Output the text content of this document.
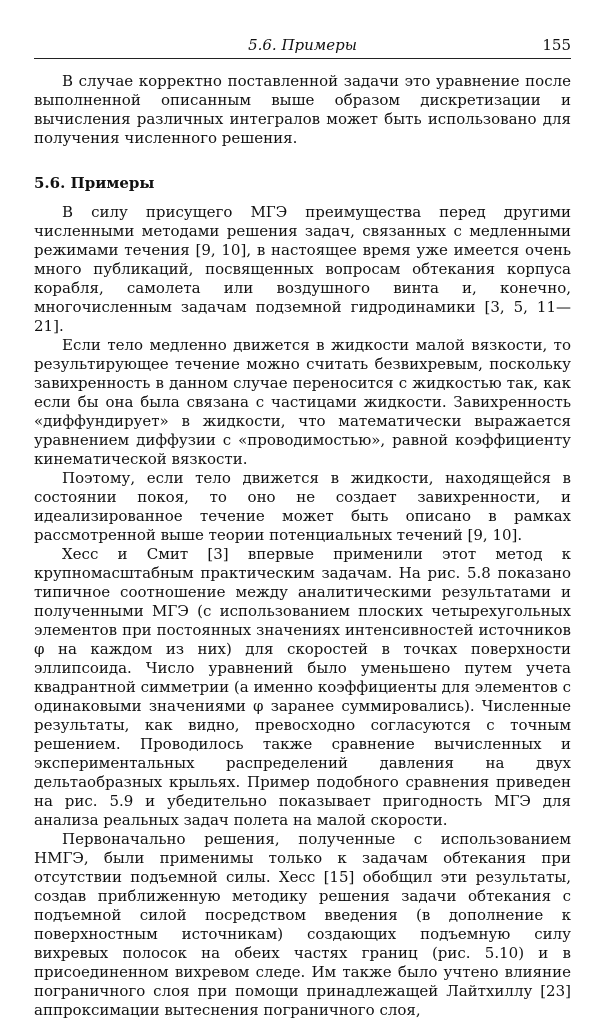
5.6. Примеры	155

В случае корректно поставленной задачи это уравнение после выполненной описанным выше образом дискретизации и вычисления различных интегралов может быть использовано для получения численного решения.

5.6. Примеры

В силу присущего МГЭ преимущества перед другими численными методами решения задач, связанных с медленными режимами течения [9, 10], в настоящее время уже имеется очень много публикаций, посвященных вопросам обтекания корпуса корабля, самолета или воздушного винта и, конечно, многочисленным задачам подземной гидродинамики [3, 5, 11—21].

Если тело медленно движется в жидкости малой вязкости, то результирующее течение можно считать безвихревым, поскольку завихренность в данном случае переносится с жидкостью так, как если бы она была связана с частицами жидкости. Завихренность «диффундирует» в жидкости, что математически выражается уравнением диффузии с «проводимостью», равной коэффициенту кинематической вязкости.

Поэтому, если тело движется в жидкости, находящейся в состоянии покоя, то оно не создает завихренности, и идеализированное течение может быть описано в рамках рассмотренной выше теории потенциальных течений [9, 10].

Хесс и Смит [3] впервые применили этот метод к крупномасштабным практическим задачам. На рис. 5.8 показано типичное соотношение между аналитическими результатами и полученными МГЭ (с использованием плоских четырехугольных элементов при постоянных значениях интенсивностей источников φ на каждом из них) для скоростей в точках поверхности эллипсоида. Число уравнений было уменьшено путем учета квадрантной симметрии (а именно коэффициенты для элементов с одинаковыми значениями φ заранее суммировались). Численные результаты, как видно, превосходно согласуются с точным решением. Проводилось также сравнение вычисленных и экспериментальных распределений давления на двух дельтаобразных крыльях. Пример подобного сравнения приведен на рис. 5.9 и убедительно показывает пригодность МГЭ для анализа реальных задач полета на малой скорости.

Первоначально решения, полученные с использованием НМГЭ, были применимы только к задачам обтекания при отсутствии подъемной силы. Хесс [15] обобщил эти результаты, создав приближенную методику решения задачи обтекания с подъемной силой посредством введения (в дополнение к поверхностным источникам) создающих подъемную силу вихревых полосок на обеих частях границ (рис. 5.10) и в присоединенном вихревом следе. Им также было учтено влияние пограничного слоя при помощи принадлежащей Лайтхиллу [23] аппроксимации вытеснения пограничного слоя,
